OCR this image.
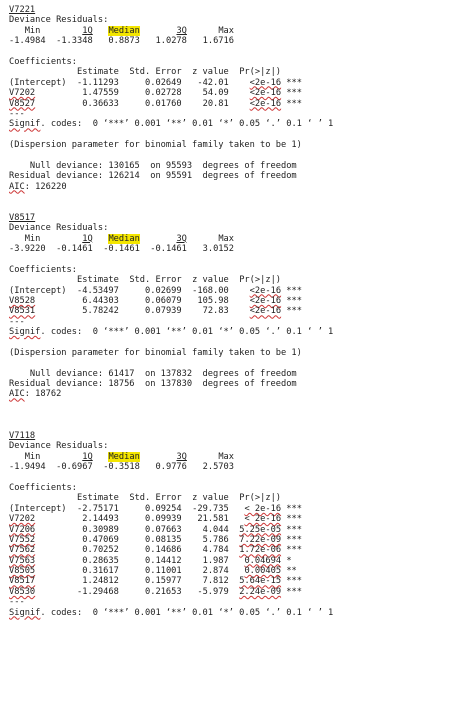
V7221
Deviance Residuals:
Min	1Q Median	3Q	Max
-1.4984 -1.3348 0.8873 1.0278 1.6716
Coefficients:
Estimate Std. Error z value Pr(>|z|)
(Intercept) -1.11293	0.02649 -42.01 <2e-16 ***
V7202	1.47559	0.02728 54.09 <2e-16 ***
V8527	0.36633	0.01760 20.81 <2e-16 ***
---
Signif. codes:  0 ‘***’ 0.001 ‘**’ 0.01 ‘*’ 0.05 ‘.’ 0.1 ‘ ’ 1
(Dispersion parameter for binomial family taken to be 1)
Null deviance: 130165  on 95593  degrees of freedom
Residual deviance: 126214  on 95591  degrees of freedom
AIC: 126220
V8517
Deviance Residuals:
Min	1Q Median	3Q	Max
-3.9220 -0.1461 -0.1461 -0.1461 3.0152
Coefficients:
Estimate Std. Error z value Pr(>|z|)
(Intercept) -4.53497	0.02699 -168.00 <2e-16 ***
V8528	6.44303	0.06079 105.98 <2e-16 ***
V8531	5.78242	0.07939 72.83 <2e-16 ***
---
Signif. codes:  0 ‘***’ 0.001 ‘**’ 0.01 ‘*’ 0.05 ‘.’ 0.1 ‘ ’ 1
(Dispersion parameter for binomial family taken to be 1)
Null deviance: 61417  on 137832  degrees of freedom
Residual deviance: 18756  on 137830  degrees of freedom
AIC: 18762
V7118
Deviance Residuals:
Min	1Q Median	3Q	Max
-1.9494 -0.6967 -0.3518 0.9776 2.5703
Coefficients:
Estimate Std. Error z value Pr(>|z|)
(Intercept) -2.75171	0.09254 -29.735 < 2e-16 ***
V7202	2.14493	0.09939 21.581 < 2e-16 ***
V7206	0.30989	0.07663 4.044 5.25e-05 ***
V7552	0.47069	0.08135 5.786 7.22e-09 ***
V7562	0.70252	0.14686 4.784 1.72e-06 ***
V7563	0.28635	0.14412 1.987 0.04694 *
V8505	0.31617	0.11001 2.874 0.00405 **
V8517	1.24812	0.15977 7.812 5.64e-15 ***
V8530	-1.29468	0.21653 -5.979 2.24e-09 ***
---
Signif. codes:  0 ‘***’ 0.001 ‘**’ 0.01 ‘*’ 0.05 ‘.’ 0.1 ‘ ’ 1
